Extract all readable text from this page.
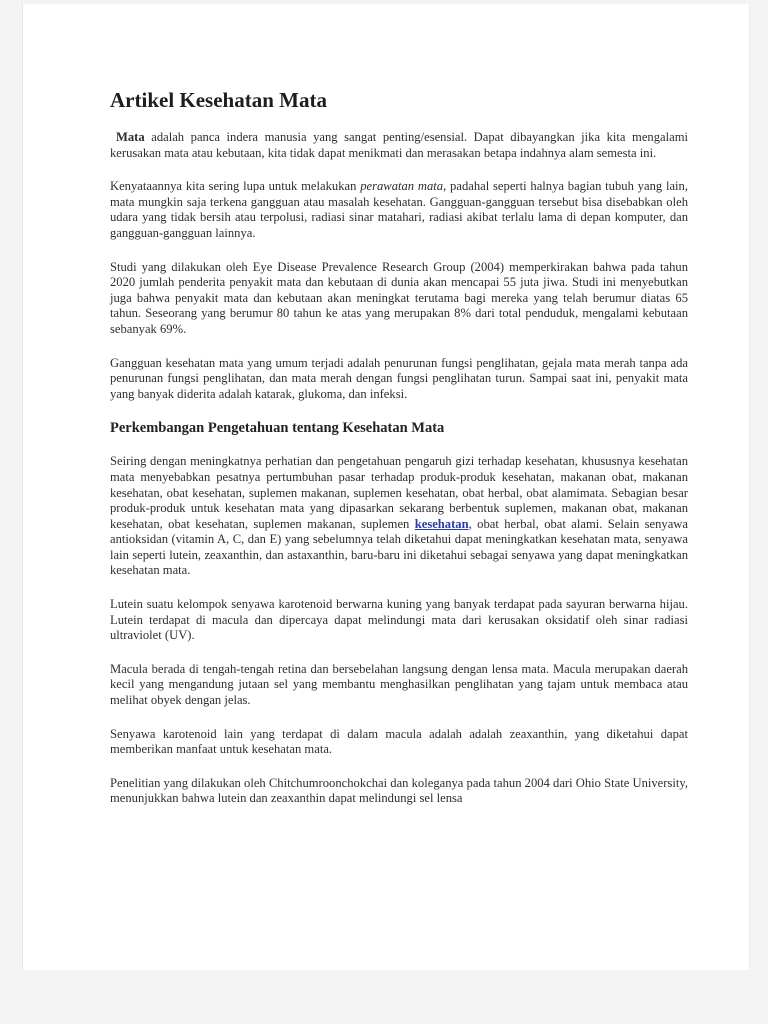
Artikel Kesehatan Mata

Mata adalah panca indera manusia yang sangat penting/esensial. Dapat dibayangkan jika kita mengalami kerusakan mata atau kebutaan, kita tidak dapat menikmati dan merasakan betapa indahnya alam semesta ini.

Kenyataannya kita sering lupa untuk melakukan perawatan mata, padahal seperti halnya bagian tubuh yang lain, mata mungkin saja terkena gangguan atau masalah kesehatan. Gangguan-gangguan tersebut bisa disebabkan oleh udara yang tidak bersih atau terpolusi, radiasi sinar matahari, radiasi akibat terlalu lama di depan komputer, dan gangguan-gangguan lainnya.

Studi yang dilakukan oleh Eye Disease Prevalence Research Group (2004) memperkirakan bahwa pada tahun 2020 jumlah penderita penyakit mata dan kebutaan di dunia akan mencapai 55 juta jiwa. Studi ini menyebutkan juga bahwa penyakit mata dan kebutaan akan meningkat terutama bagi mereka yang telah berumur diatas 65 tahun. Seseorang yang berumur 80 tahun ke atas yang merupakan 8% dari total penduduk, mengalami kebutaan sebanyak 69%.

Gangguan kesehatan mata yang umum terjadi adalah penurunan fungsi penglihatan, gejala mata merah tanpa ada penurunan fungsi penglihatan, dan mata merah dengan fungsi penglihatan turun. Sampai saat ini, penyakit mata yang banyak diderita adalah katarak, glukoma, dan infeksi.

Perkembangan Pengetahuan tentang Kesehatan Mata

Seiring dengan meningkatnya perhatian dan pengetahuan pengaruh gizi terhadap kesehatan, khususnya kesehatan mata menyebabkan pesatnya pertumbuhan pasar terhadap produk-produk kesehatan, makanan obat, makanan kesehatan, obat kesehatan, suplemen makanan, suplemen kesehatan, obat herbal, obat alamimata. Sebagian besar produk-produk untuk kesehatan mata yang dipasarkan sekarang berbentuk suplemen, makanan obat, makanan kesehatan, obat kesehatan, suplemen makanan, suplemen kesehatan, obat herbal, obat alami. Selain senyawa antioksidan (vitamin A, C, dan E) yang sebelumnya telah diketahui dapat meningkatkan kesehatan mata, senyawa lain seperti lutein, zeaxanthin, dan astaxanthin, baru-baru ini diketahui sebagai senyawa yang dapat meningkatkan kesehatan mata.

Lutein suatu kelompok senyawa karotenoid berwarna kuning yang banyak terdapat pada sayuran berwarna hijau. Lutein terdapat di macula dan dipercaya dapat melindungi mata dari kerusakan oksidatif oleh sinar radiasi ultraviolet (UV).

Macula berada di tengah-tengah retina dan bersebelahan langsung dengan lensa mata. Macula merupakan daerah kecil yang mengandung jutaan sel yang membantu menghasilkan penglihatan yang tajam untuk membaca atau melihat obyek dengan jelas.

Senyawa karotenoid lain yang terdapat di dalam macula adalah adalah zeaxanthin, yang diketahui dapat memberikan manfaat untuk kesehatan mata.

Penelitian yang dilakukan oleh Chitchumroonchokchai dan koleganya pada tahun 2004 dari Ohio State University, menunjukkan bahwa lutein dan zeaxanthin dapat melindungi sel lensa
